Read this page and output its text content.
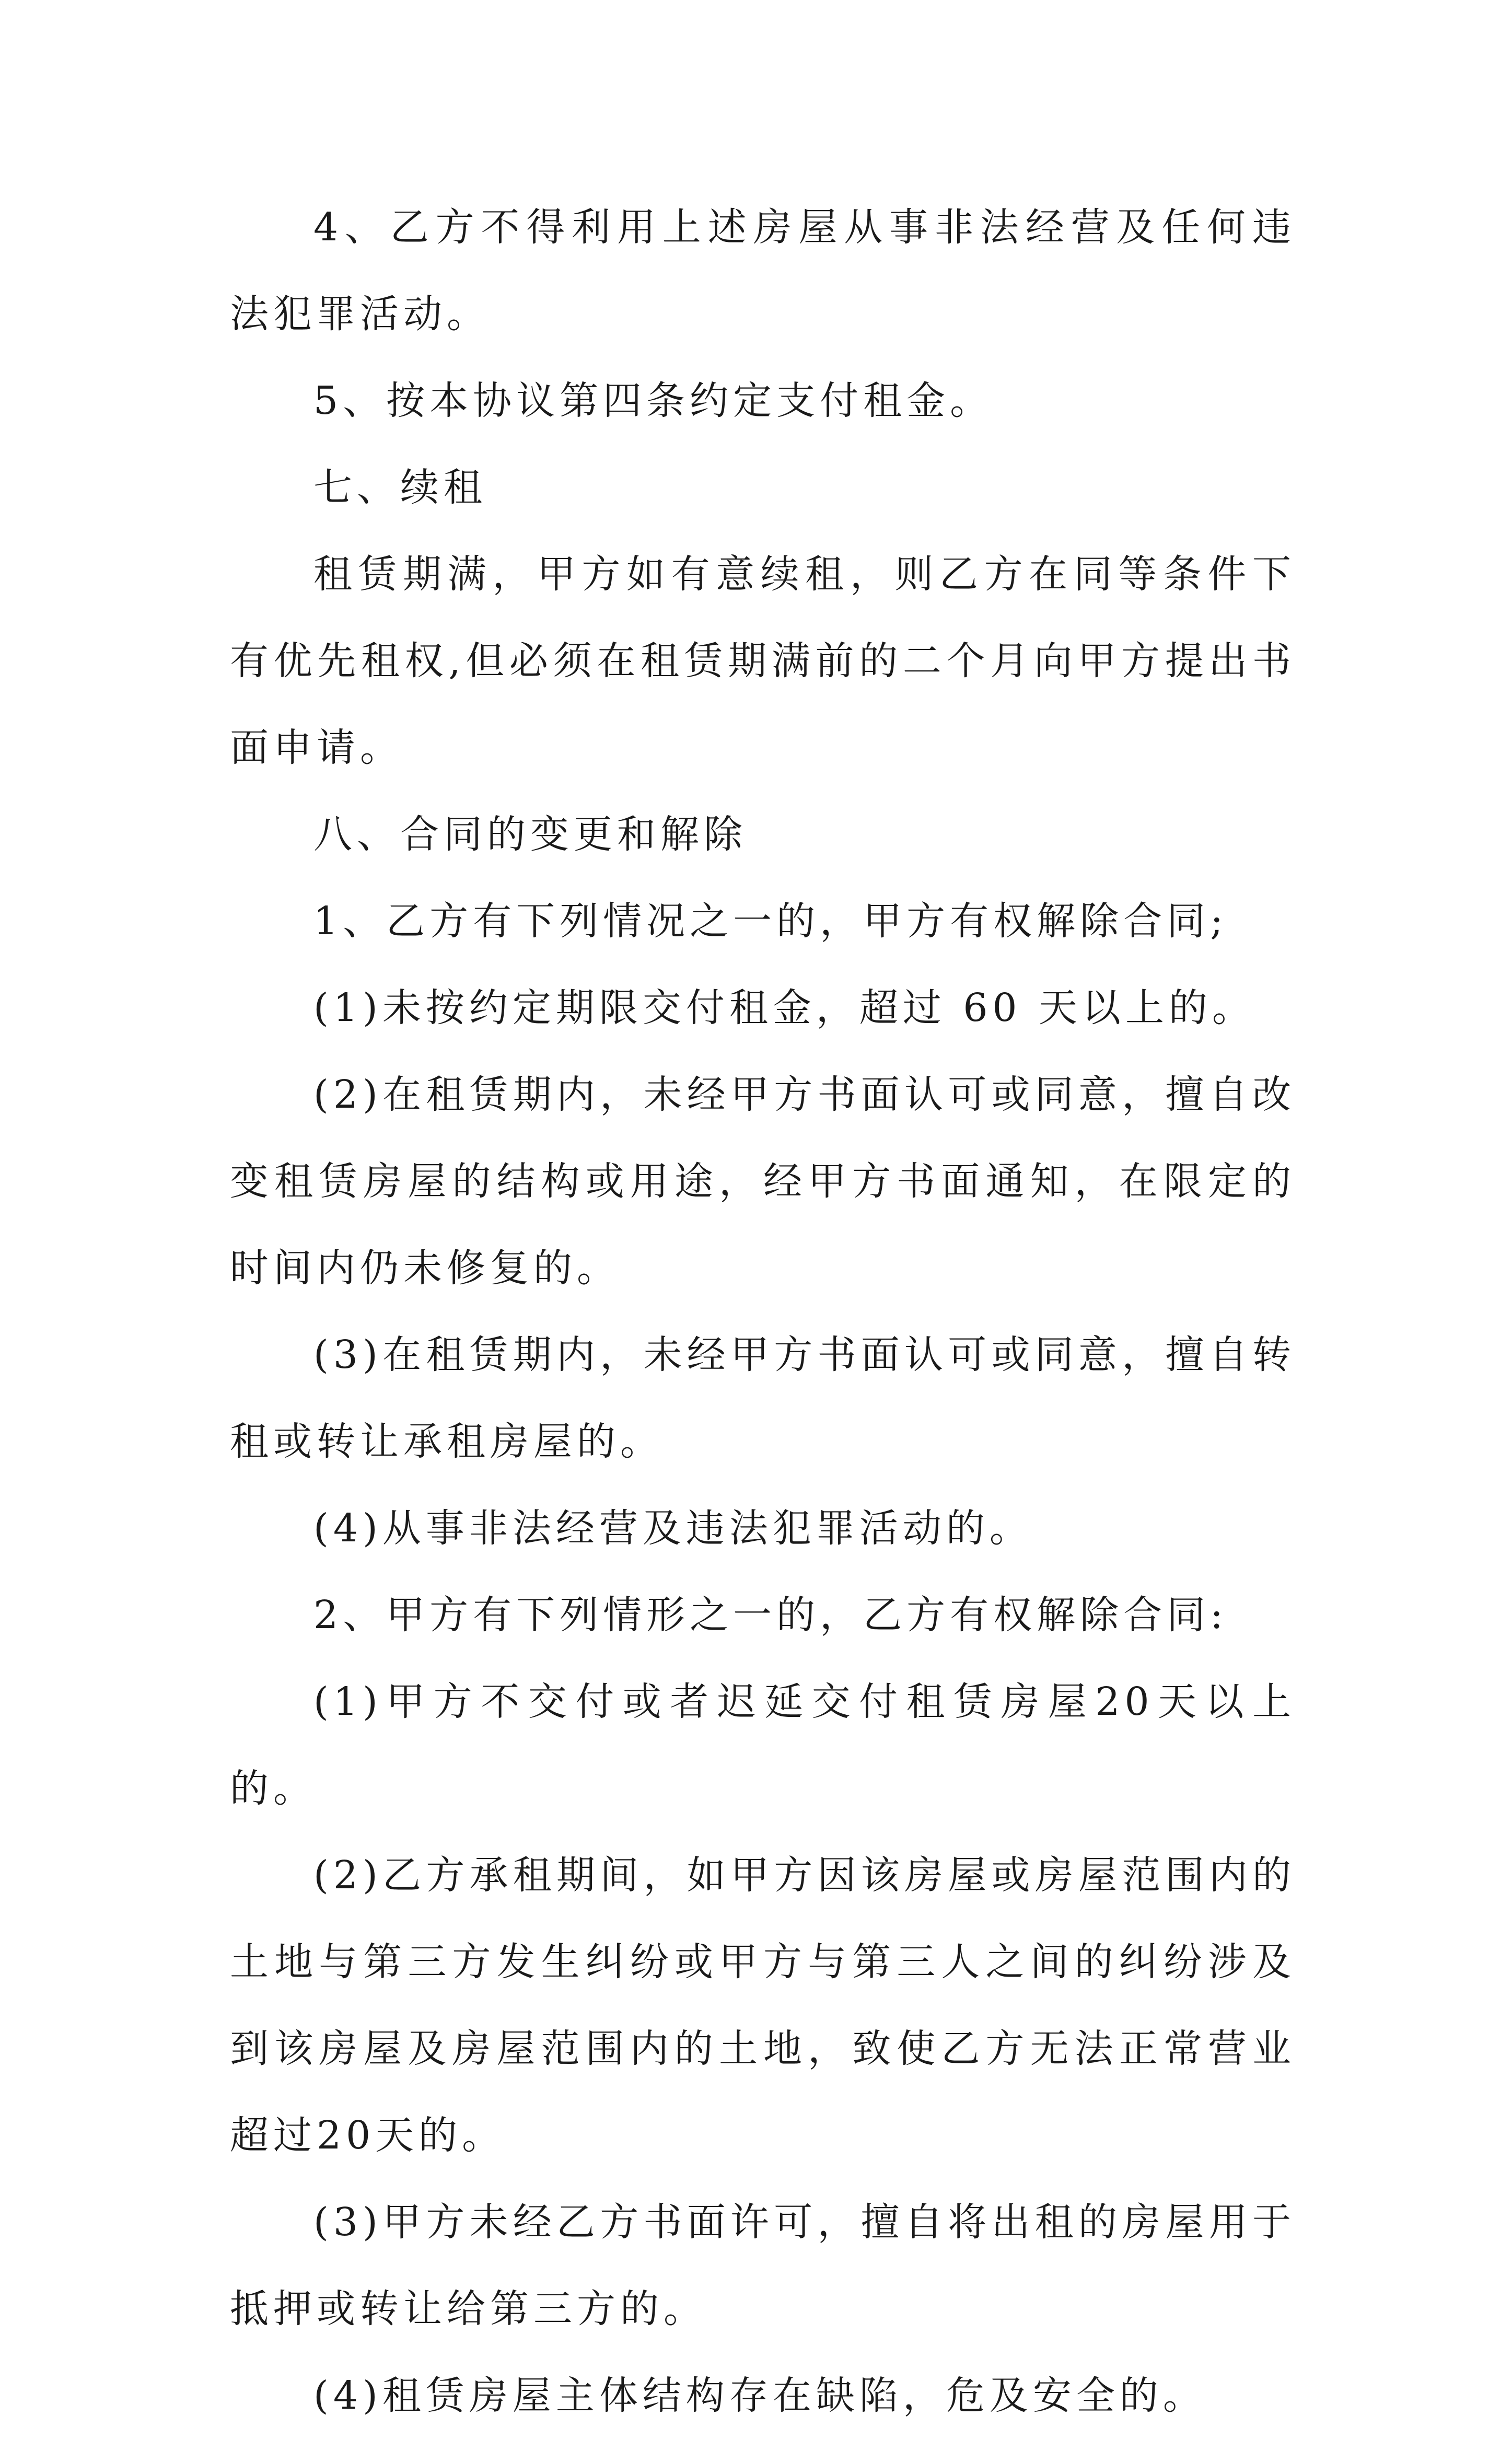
4、乙方不得利用上述房屋从事非法经营及任何违法犯罪活动。

5、按本协议第四条约定支付租金。

七、续租

租赁期满，甲方如有意续租，则乙方在同等条件下有优先租权,但必须在租赁期满前的二个月向甲方提出书面申请。

八、合同的变更和解除

1、乙方有下列情况之一的，甲方有权解除合同;

(1)未按约定期限交付租金，超过 60 天以上的。

(2)在租赁期内，未经甲方书面认可或同意，擅自改变租赁房屋的结构或用途，经甲方书面通知，在限定的时间内仍未修复的。

(3)在租赁期内，未经甲方书面认可或同意，擅自转租或转让承租房屋的。

(4)从事非法经营及违法犯罪活动的。

2、甲方有下列情形之一的，乙方有权解除合同:

(1)甲方不交付或者迟延交付租赁房屋20天以上的。

(2)乙方承租期间，如甲方因该房屋或房屋范围内的土地与第三方发生纠纷或甲方与第三人之间的纠纷涉及到该房屋及房屋范围内的土地，致使乙方无法正常营业超过20天的。

(3)甲方未经乙方书面许可，擅自将出租的房屋用于抵押或转让给第三方的。

(4)租赁房屋主体结构存在缺陷，危及安全的。
